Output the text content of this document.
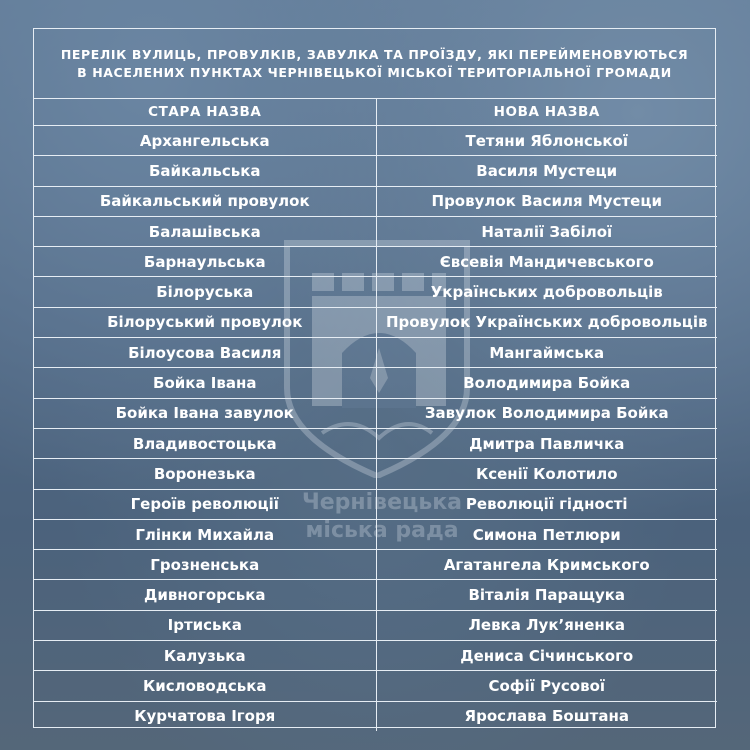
Чернівецька
міська рада
ПЕРЕЛІК ВУЛИЦЬ, ПРОВУЛКІВ, ЗАВУЛКА ТА ПРОЇЗДУ, ЯКІ ПЕРЕЙМЕНОВУЮТЬСЯ
В НАСЕЛЕНИХ ПУНКТАХ ЧЕРНІВЕЦЬКОЇ МІСЬКОЇ ТЕРИТОРІАЛЬНОЇ ГРОМАДИ
СТАРА НАЗВА	НОВА НАЗВА
Архангельська	Тетяни Яблонської
Байкальська	Василя Мустеци
Байкальський провулок	Провулок Василя Мустеци
Балашівська	Наталії Забілої
Барнаульська	Євсевія Мандичевського
Білоруська	Українських добровольців
Білоруський провулок	Провулок Українських добровольців
Білоусова Василя	Мангаймська
Бойка Івана	Володимира Бойка
Бойка Івана завулок	Завулок Володимира Бойка
Владивостоцька	Дмитра Павличка
Воронезька	Ксенії Колотило
Героїв революції	Революції гідності
Глінки Михайла	Симона Петлюри
Грозненська	Агатангела Кримського
Дивногорська	Віталія Паращука
Іртиська	Левка Лук’яненка
Калузька	Дениса Січинського
Кисловодська	Софії Русової
Курчатова Ігоря	Ярослава Боштана
